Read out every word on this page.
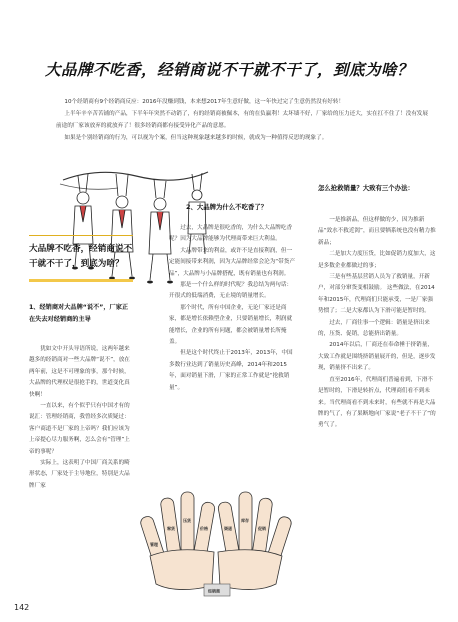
大品牌不吃香，经销商说不干就不干了，到底为啥？

10个经销商有9个经销商反应：2016年没赚到钱，本来想2017年生意好做，这一年快过完了生意仍然没有好转！

上半年辛辛苦苦铺的产品，下半年年突然不动销了，有的经销商被佩本，有的在负赢利！太坏墙不好，厂家给的压力还大，实在扛不住了！没有发展前途的厂家该放弃的就放弃了！很多经销商都有接受异化产品的意愿。

如果是个别经销商的行为，可以视为个案，但当这种现象越来越多的时候，就成为一种值得反思的现象了。

大品牌不吃香，经销商说不干就不干了，到底为啥？
1、经销商对大品牌“说不”，厂家正在失去对经销商的主导

犹如文中开头导语所说，这两年越来越多的经销商对一些大品牌“说不”，放在两年前，这是不可理象的事，那个时候，大品牌的代理权是很抢手的，世道变化真快啊！

一直以来，有个似乎只有中国才有的说汇：管理经销商，我曾经多次质疑过：客户商道不是厂家的上帝吗？我们应该为上帝提心尽力服务啊，怎么会有“管理”上帝的事呢？

实际上，这表明了中国厂商关系的畸形状态，厂家处于主导地位，特别是大品牌厂家

2、大品牌为什么不吃香了？

过去，大品牌是很吃香的，为什么大品牌吃香呢？因为大品牌能够为代理商带来巨大利益。

大品牌带来的利益，或许不是直接利润，但一定能间接带来利润，因为大品牌经常会沦为“带货产品”，大品牌与小品牌搭配，既有销量也有利润。

那是一个什么样的时代呢？我总结为两句话：开很式的低端消费，无止境的销量增长。

那个时代，所有中国企业，无论厂家还是商家，都是增长依赖型企业，只要销量增长，利润就能增长，企业的所有问题，都会被销量增长所掩盖。

但是这个时代终止于2013年，2013年，中国多数行业达到了销量历史高峰，2014年和2015年，面对销量下滑，厂家的正常工作就是“抢救销量”。

怎么抢救销量？大致有三个办法：

一是推新品，但这样做的少，因为推新品“效水不救近渴”，而且要牺系统也没有精力推新品；

二是加大力度压货，比如促销力度加大，这是多数企业都做过的事；

三是有些基层营销人员为了救销量，开新户，对部分窜货变相鼓励。 这些做法，在2014年和2015年，代理商们只能承受，一是厂家强势惯了；二是大家都认为下滑可能是暂时的。

过去，厂商往事一个逻辑：销量是挤出来的，压货、促销，总能挤出销量。

2014年以后，厂商还在奉命捶于挤销量，大致工作就是围绕挤销量展开的，但是，逐步发现，销量挤不出来了。

直至2016年，代理商们普遍看到，下滑不是暂时的，下滑是转折点，代理商们看不到未来。当代理商看不到未来时，有些就不再是大品牌的气了，有了果断地向厂家说“老子不干了”的勇气了。

管理
窜货
压货
价格	渠道
库存
促销
经销商
142
